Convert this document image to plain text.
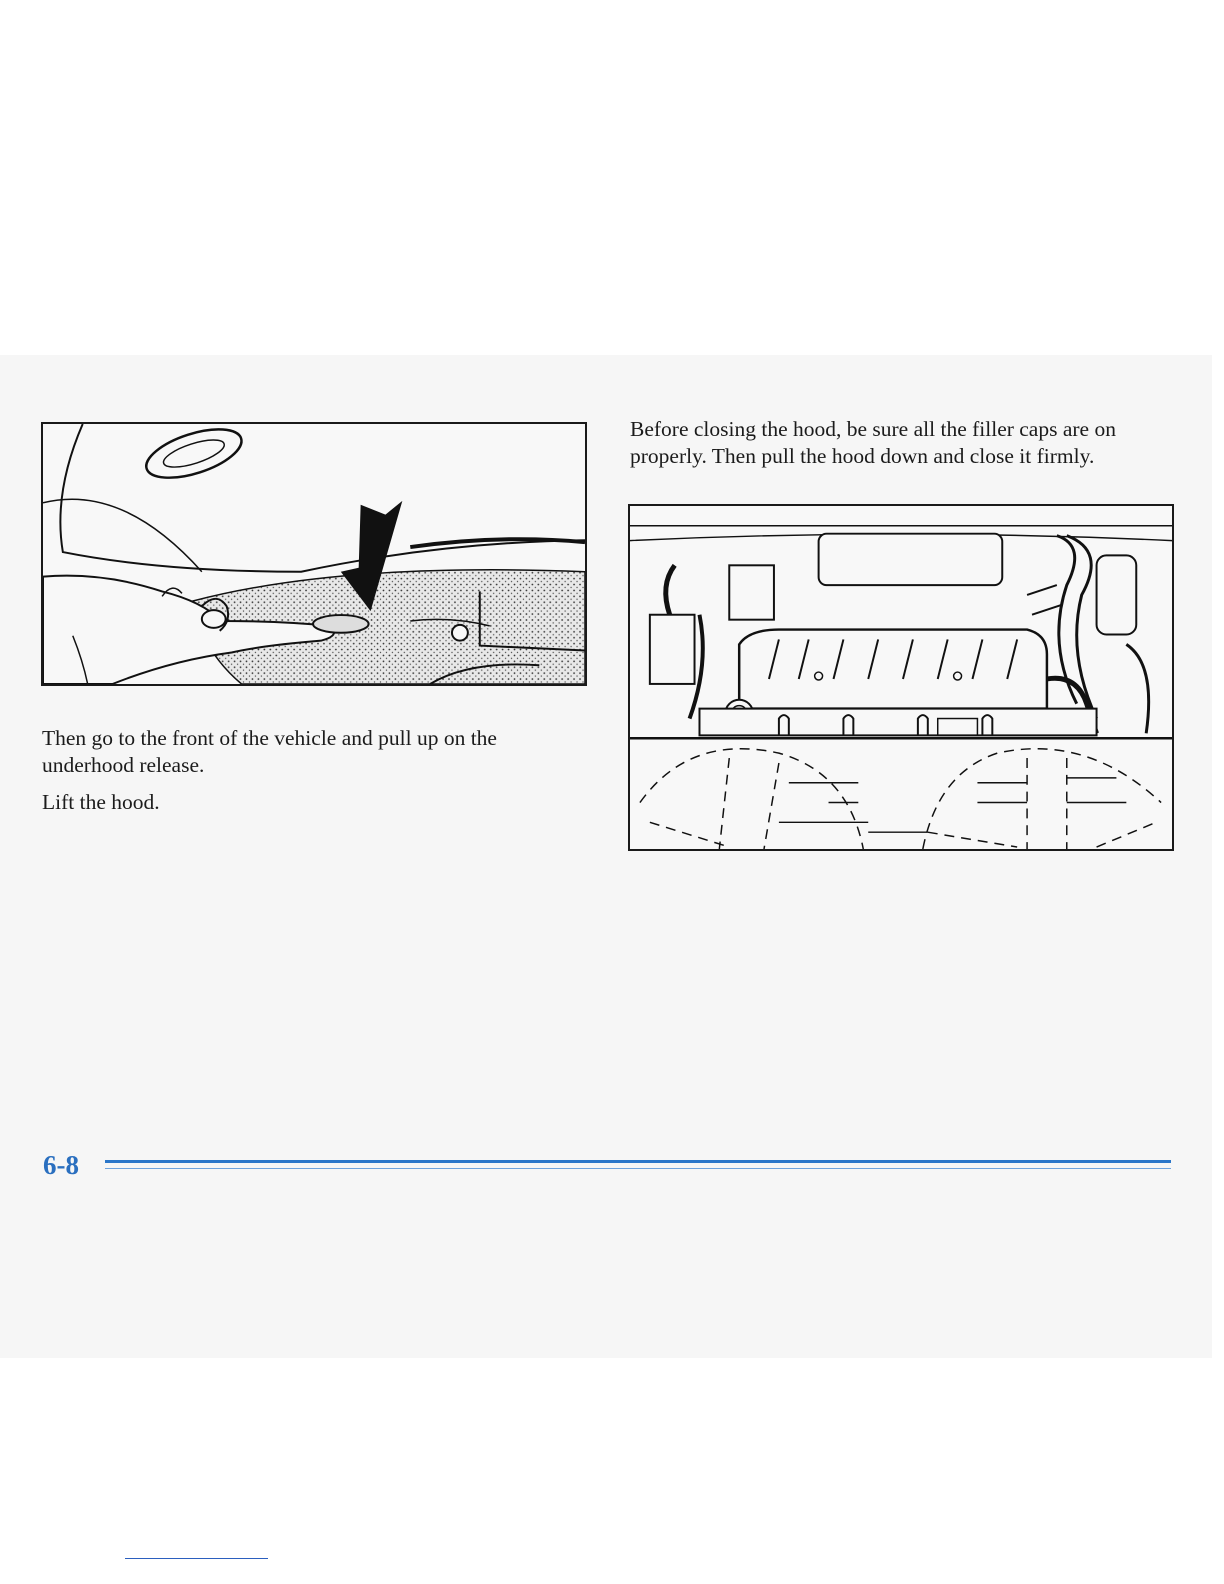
Before closing the hood, be sure all the filler caps are on properly. Then pull the hood down and close it firmly.

Then go to the front of the vehicle and pull up on the underhood release.

Lift the hood.

6-8
